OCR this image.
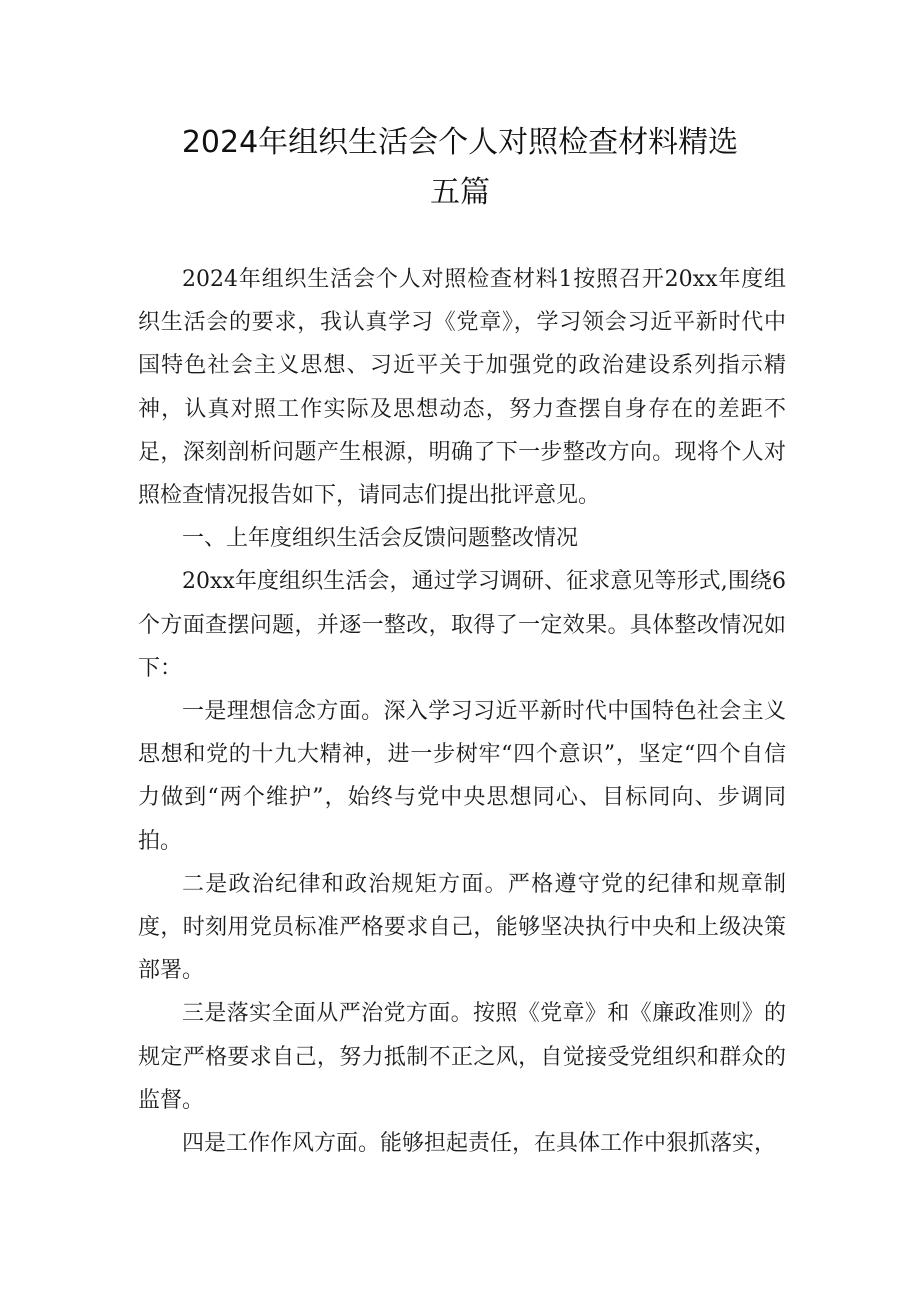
2024年组织生活会个人对照检查材料精选
五篇

2024年组织生活会个人对照检查材料1按照召开20xx年度组织生活会的要求，我认真学习《党章》，学习领会习近平新时代中国特色社会主义思想、习近平关于加强党的政治建设系列指示精神，认真对照工作实际及思想动态，努力查摆自身存在的差距不足，深刻剖析问题产生根源，明确了下一步整改方向。现将个人对照检查情况报告如下，请同志们提出批评意见。

一、上年度组织生活会反馈问题整改情况

20xx年度组织生活会，通过学习调研、征求意见等形式,围绕6个方面查摆问题，并逐一整改，取得了一定效果。具体整改情况如下：

一是理想信念方面。深入学习习近平新时代中国特色社会主义思想和党的十九大精神，进一步树牢“四个意识”，坚定“四个自信力做到“两个维护”，始终与党中央思想同心、目标同向、步调同拍。

二是政治纪律和政治规矩方面。严格遵守党的纪律和规章制度，时刻用党员标准严格要求自己，能够坚决执行中央和上级决策部署。

三是落实全面从严治党方面。按照《党章》和《廉政准则》的规定严格要求自己，努力抵制不正之风，自觉接受党组织和群众的监督。

四是工作作风方面。能够担起责任，在具体工作中狠抓落实，
